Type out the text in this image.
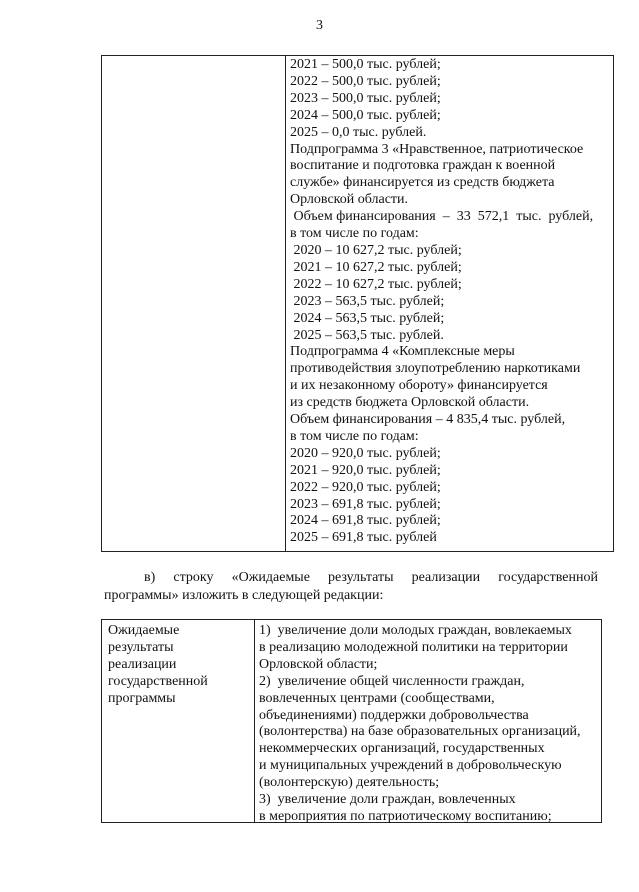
3
2021 – 500,0 тыс. рублей;
2022 – 500,0 тыс. рублей;
2023 – 500,0 тыс. рублей;
2024 – 500,0 тыс. рублей;
2025 – 0,0 тыс. рублей.
Подпрограмма 3 «Нравственное, патриотическое
воспитание и подготовка граждан к военной
службе» финансируется из средств бюджета
Орловской области.
Объем финансирования  –  33  572,1  тыс.  рублей,
в том числе по годам:
2020 – 10 627,2 тыс. рублей;
2021 – 10 627,2 тыс. рублей;
2022 – 10 627,2 тыс. рублей;
2023 – 563,5 тыс. рублей;
2024 – 563,5 тыс. рублей;
2025 – 563,5 тыс. рублей.
Подпрограмма 4 «Комплексные меры
противодействия злоупотреблению наркотиками
и их незаконному обороту» финансируется
из средств бюджета Орловской области.
Объем финансирования – 4 835,4 тыс. рублей,
в том числе по годам:
2020 – 920,0 тыс. рублей;
2021 – 920,0 тыс. рублей;
2022 – 920,0 тыс. рублей;
2023 – 691,8 тыс. рублей;
2024 – 691,8 тыс. рублей;
2025 – 691,8 тыс. рублей
в) строку «Ожидаемые результаты реализации государственной
программы» изложить в следующей редакции:
Ожидаемые
результаты
реализации
государственной
программы
1)  увеличение доли молодых граждан, вовлекаемых
в реализацию молодежной политики на территории
Орловской области;
2)  увеличение общей численности граждан,
вовлеченных центрами (сообществами,
объединениями) поддержки добровольчества
(волонтерства) на базе образовательных организаций,
некоммерческих организаций, государственных
и муниципальных учреждений в добровольческую
(волонтерскую) деятельность;
3)  увеличение доли граждан, вовлеченных
в мероприятия по патриотическому воспитанию;
